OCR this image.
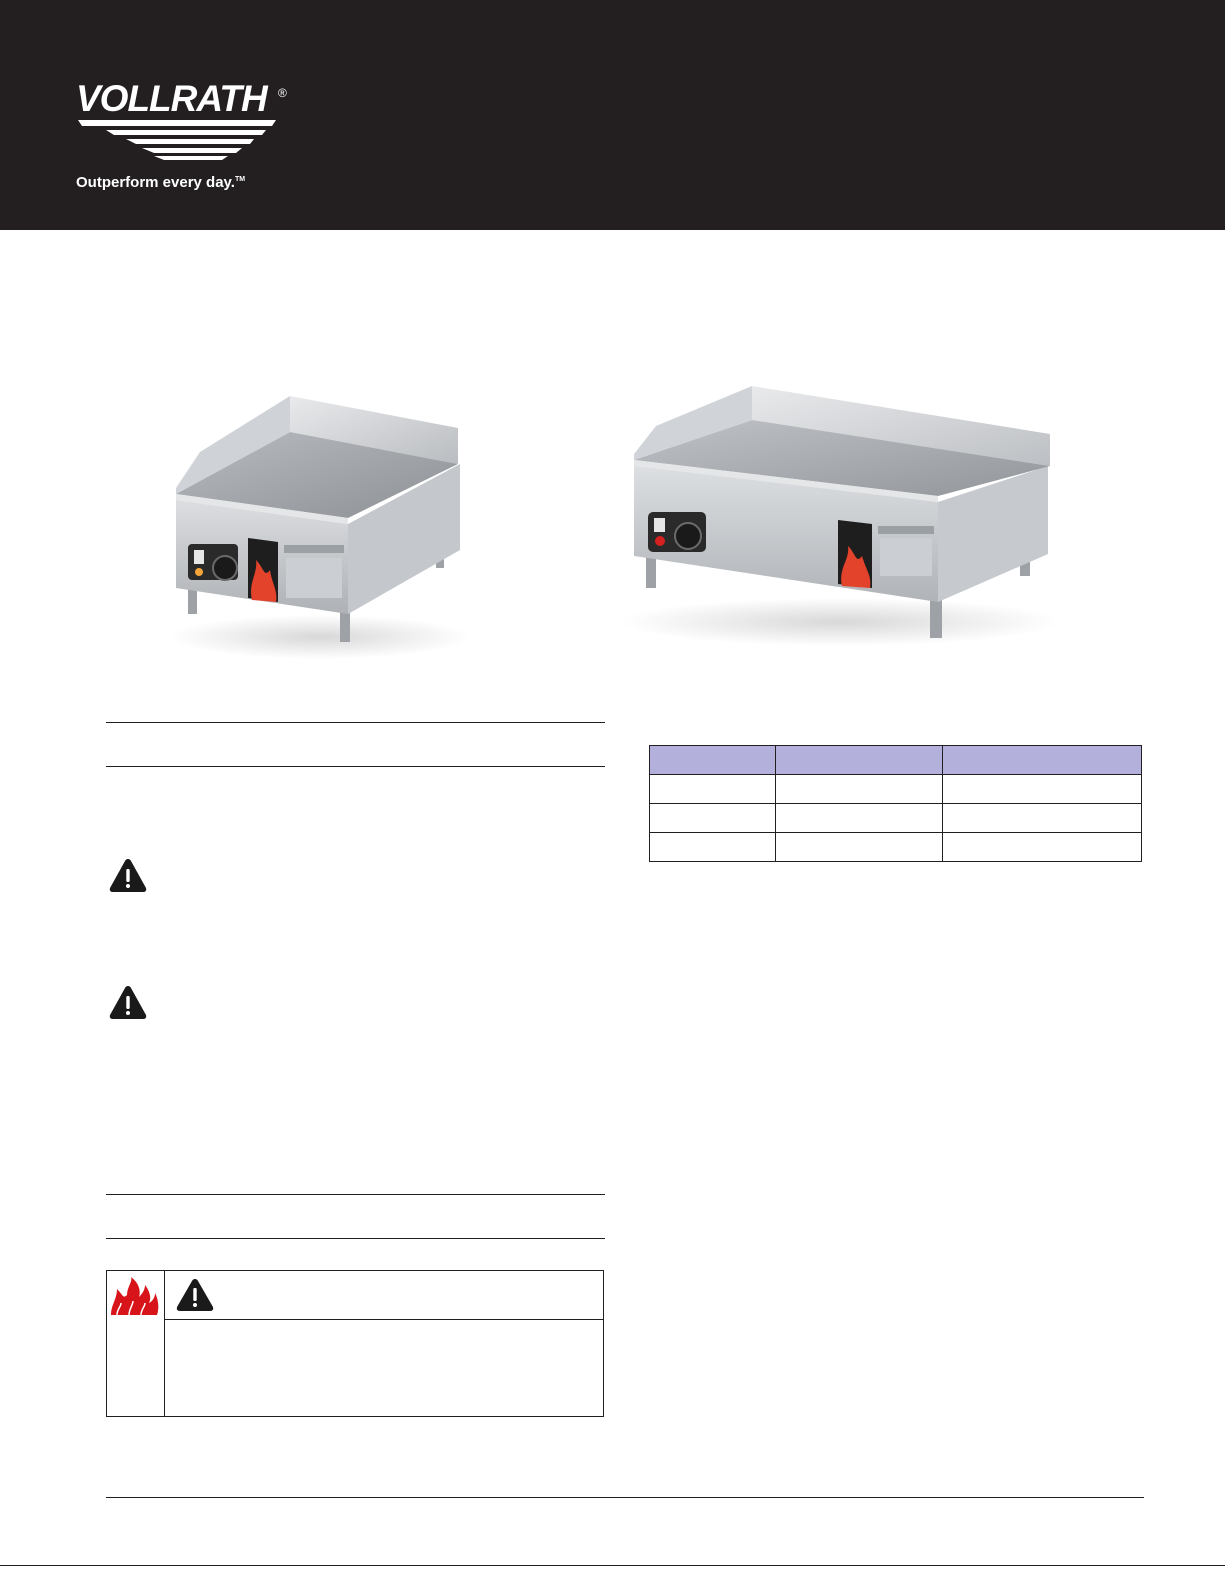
VOLLRATH ®
Outperform every day.™
